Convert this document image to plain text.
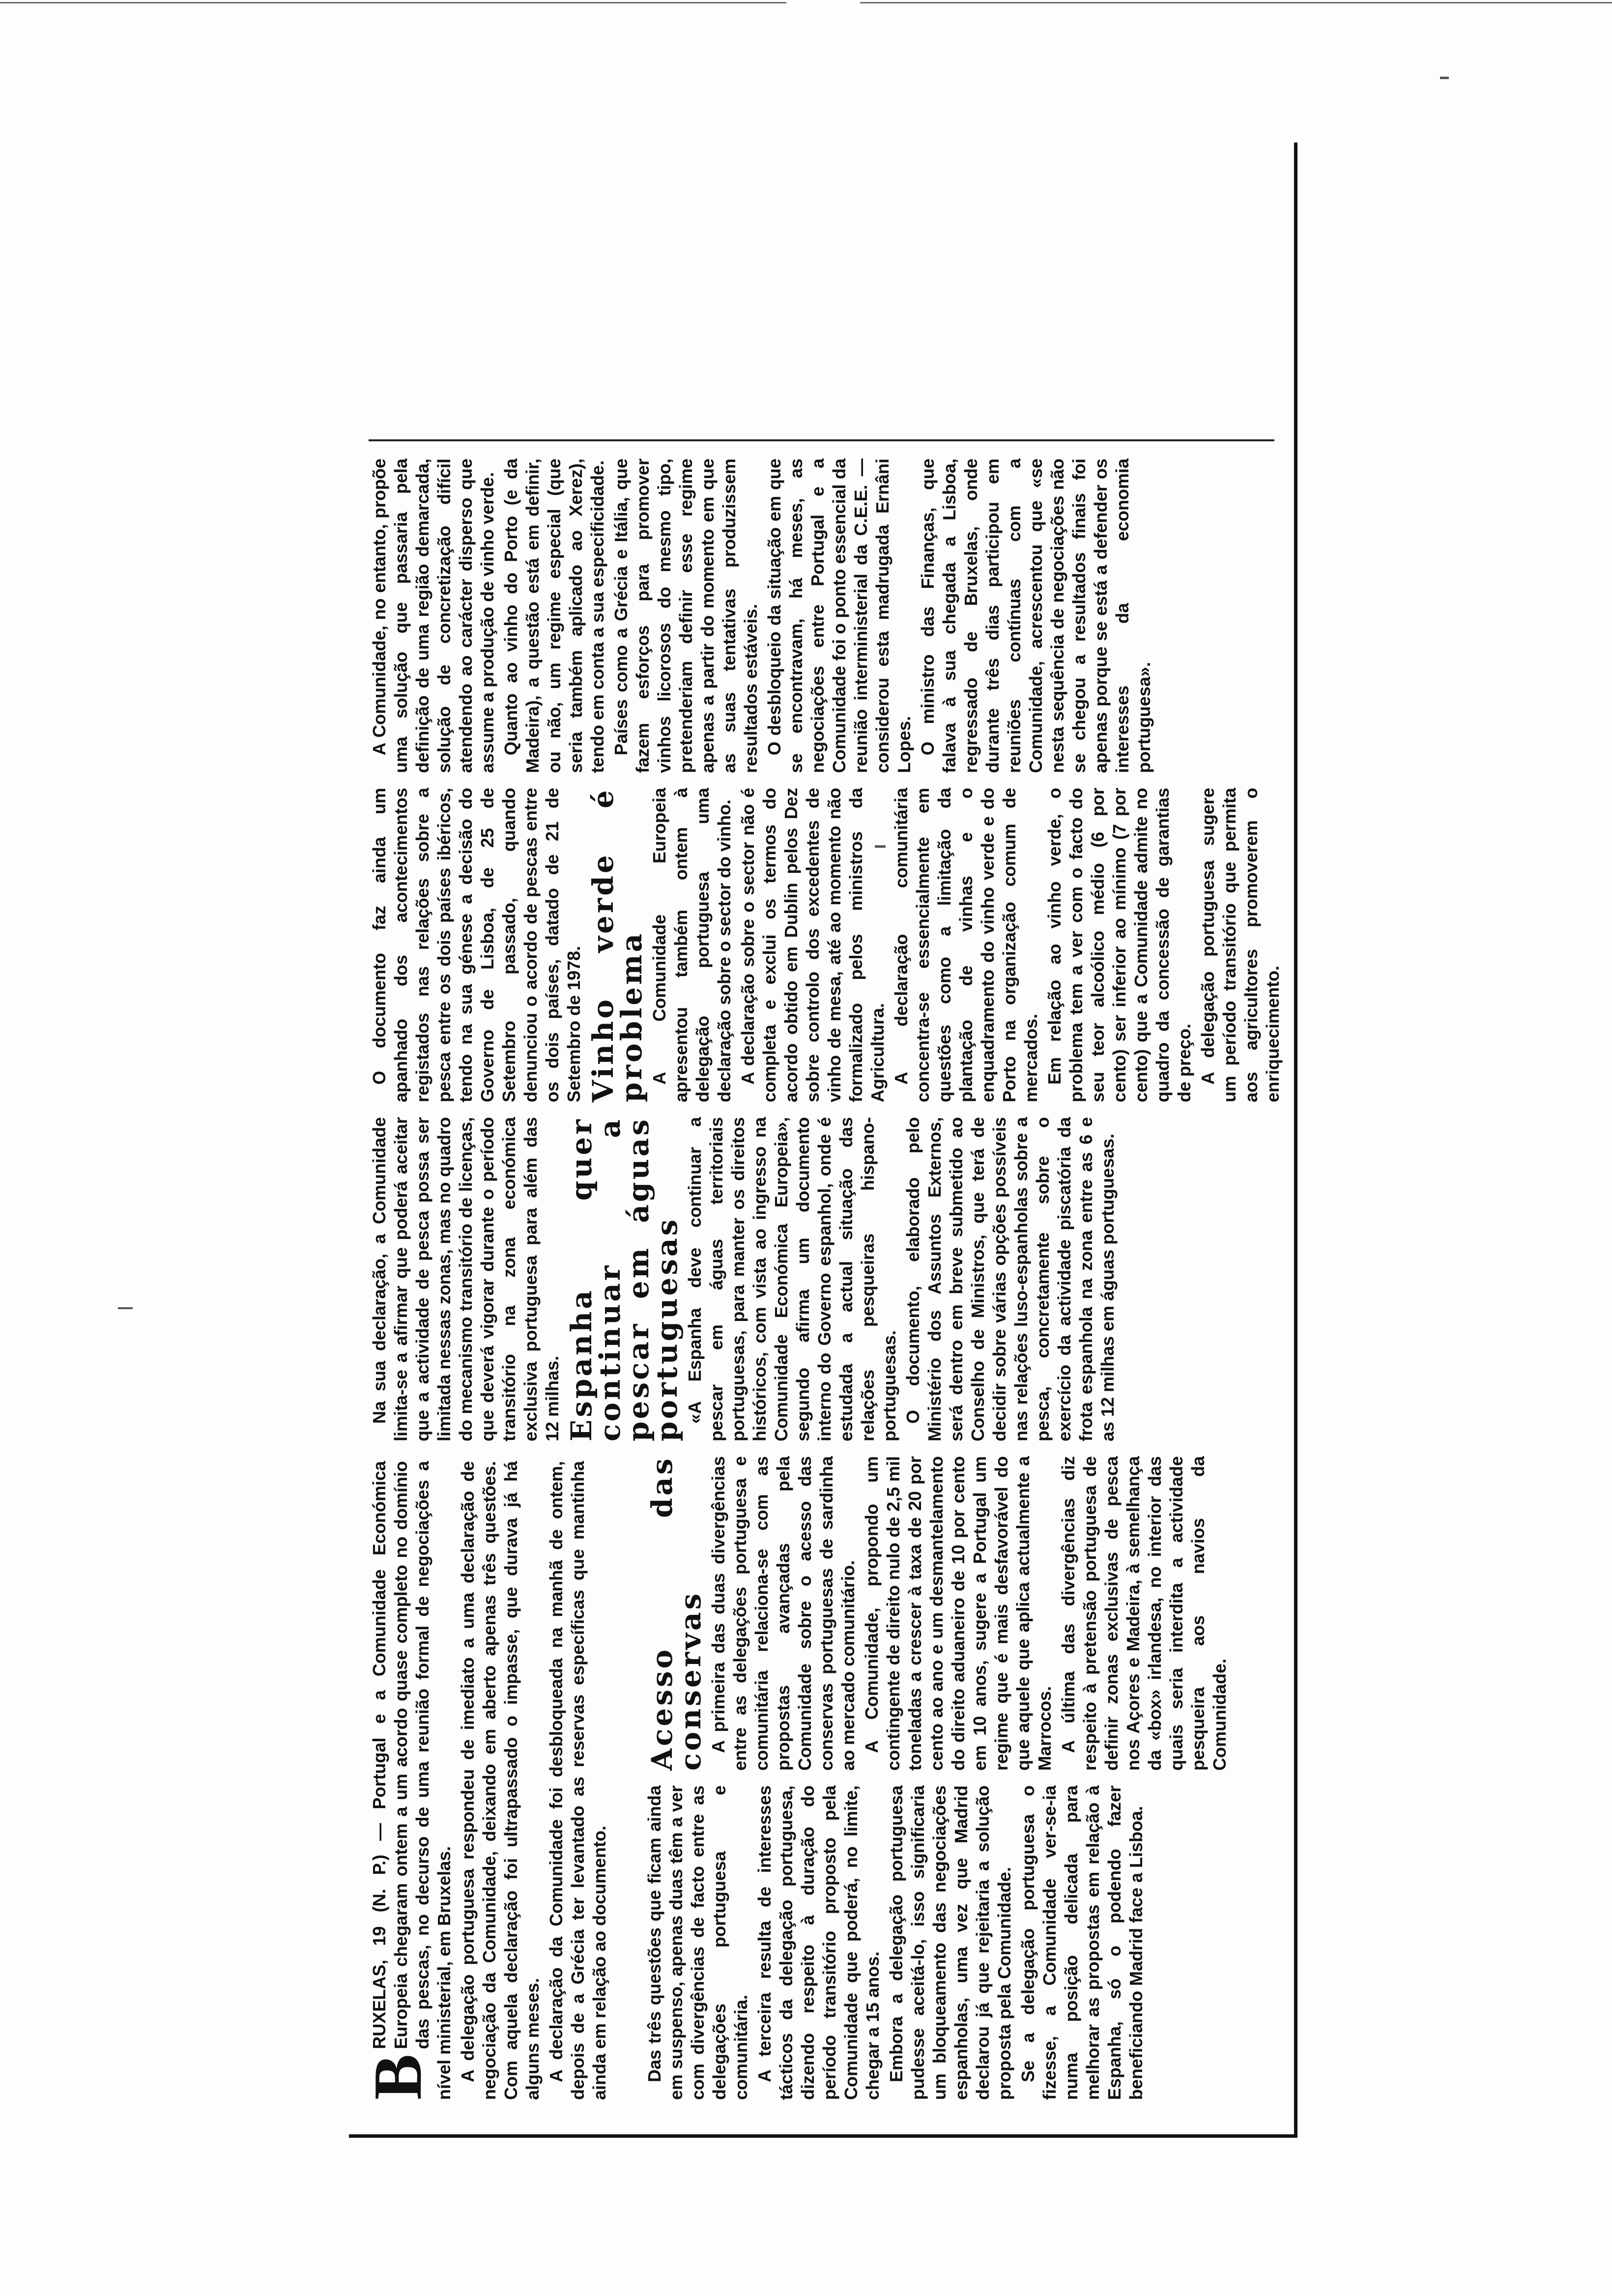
B
RUXELAS, 19 (N. P.) — Portugal e a Comunidade Económica Europeia chegaram ontem a um acordo quase completo no domínio das pescas, no decurso de uma reunião formal de negociações a nível ministerial, em Bruxelas. A delegação portuguesa respondeu de imediato a uma declaração de negociação da Comunidade, deixando em aberto apenas três questões. Com aquela declaração foi ultrapassado o impasse, que durava já há alguns meses. A declaração da Comunidade foi desbloqueada na manhã de ontem, depois de a Grécia ter levantado as reservas específicas que mantinha ainda em relação ao documento. Das três questões que ficam ainda em suspenso, apenas duas têm a ver com divergências de facto entre as delegações portuguesa e comunitária. A terceira resulta de interesses tácticos da delegação portuguesa, dizendo respeito à duração do período transitório proposto pela Comunidade que poderá, no limite, chegar a 15 anos. Embora a delegação portuguesa pudesse aceitá-lo, isso significaria um bloqueamento das negociações espanholas, uma vez que Madrid declarou já que rejeitaria a solução proposta pela Comunidade. Se a delegação portuguesa o fizesse, a Comunidade ver-se-ia numa posição delicada para melhorar as propostas em relação à Espanha, só o podendo fazer beneficiando Madrid face a Lisboa.

Acesso das conservas A primeira das duas divergências entre as delegações portuguesa e comunitária relaciona-se com as propostas avançadas pela Comunidade sobre o acesso das conservas portuguesas de sardinha ao mercado comunitário. A Comunidade, propondo um contingente de direito nulo de 2,5 mil toneladas a crescer à taxa de 20 por cento ao ano e um desmantelamento do direito aduaneiro de 10 por cento em 10 anos, sugere a Portugal um regime que é mais desfavorável do que aquele que aplica actualmente a Marrocos. A última das divergências diz respeito à pretensão portuguesa de definir zonas exclusivas de pesca nos Açores e Madeira, à semelhança da «box» irlandesa, no interior das quais seria interdita a actividade pesqueira aos navios da Comunidade.

Na sua declaração, a Comunidade limita-se a afirmar que poderá aceitar que a actividade de pesca possa ser limitada nessas zonas, mas no quadro do mecanismo transitório de licenças, que deverá vigorar durante o período transitório na zona económica exclusiva portuguesa para além das 12 milhas. Espanha quer continuar a pescar em águas portuguesas «A Espanha deve continuar a pescar em águas territoriais portuguesas, para manter os direitos históricos, com vista ao ingresso na Comunidade Económica Europeia», segundo afirma um documento interno do Governo espanhol, onde é estudada a actual situação das relações pesqueiras hispano-portuguesas. O documento, elaborado pelo Ministério dos Assuntos Externos, será dentro em breve submetido ao Conselho de Ministros, que terá de decidir sobre várias opções possíveis nas relações luso-espanholas sobre a pesca, concretamente sobre o exercício da actividade piscatória da frota espanhola na zona entre as 6 e as 12 milhas em águas portuguesas.

O documento faz ainda um apanhado dos acontecimentos registados nas relações sobre a pesca entre os dois países ibéricos, tendo na sua génese a decisão do Governo de Lisboa, de 25 de Setembro passado, quando denunciou o acordo de pescas entre os dois países, datado de 21 de Setembro de 1978. Vinho verde é problema A Comunidade Europeia apresentou também ontem à delegação portuguesa uma declaração sobre o sector do vinho. A declaração sobre o sector não é completa e exclui os termos do acordo obtido em Dublin pelos Dez sobre controlo dos excedentes de vinho de mesa, até ao momento não formalizado pelos ministros da Agricultura. A declaração comunitária concentra-se essencialmente em questões como a limitação da plantação de vinhas e o enquadramento do vinho verde e do Porto na organização comum de mercados. Em relação ao vinho verde, o problema tem a ver com o facto do seu teor alcoólico médio (6 por cento) ser inferior ao mínimo (7 por cento) que a Comunidade admite no quadro da concessão de garantias de preço. A delegação portuguesa sugere um período transitório que permita aos agricultores promoverem o enriquecimento.

A Comunidade, no entanto, propõe uma solução que passaria pela definição de uma região demarcada, solução de concretização difícil atendendo ao carácter disperso que assume a produção de vinho verde. Quanto ao vinho do Porto (e da Madeira), a questão está em definir, ou não, um regime especial (que seria também aplicado ao Xerez), tendo em conta a sua especificidade. Países como a Grécia e Itália, que fazem esforços para promover vinhos licorosos do mesmo tipo, pretenderiam definir esse regime apenas a partir do momento em que as suas tentativas produzissem resultados estáveis. O desbloqueio da situação em que se encontravam, há meses, as negociações entre Portugal e a Comunidade foi o ponto essencial da reunião interministerial da C.E.E. — considerou esta madrugada Ernâni Lopes. O ministro das Finanças, que falava à sua chegada a Lisboa, regressado de Bruxelas, onde durante três dias participou em reuniões contínuas com a Comunidade, acrescentou que «se nesta sequência de negociações não se chegou a resultados finais foi apenas porque se está a defender os interesses da economia portuguesa».
